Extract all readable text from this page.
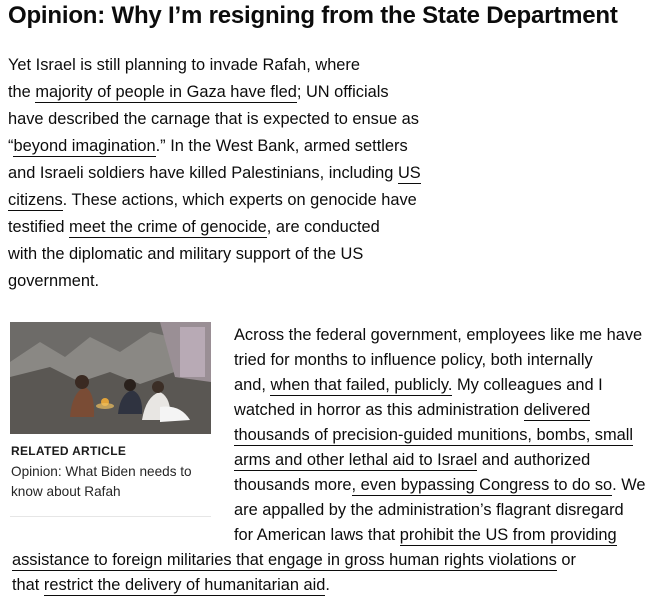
Opinion: Why I’m resigning from the State Department
Yet Israel is still planning to invade Rafah, where
the majority of people in Gaza have fled; UN officials
have described the carnage that is expected to ensue as
“beyond imagination.” In the West Bank, armed settlers
and Israeli soldiers have killed Palestinians, including US
citizens. These actions, which experts on genocide have
testified meet the crime of genocide, are conducted
with the diplomatic and military support of the US
government.
RELATED ARTICLE
Opinion: What Biden needs to know about Rafah
Across the federal government, employees like me have
tried for months to influence policy, both internally
and, when that failed, publicly. My colleagues and I
watched in horror as this administration delivered
thousands of precision-guided munitions, bombs, small
arms and other lethal aid to Israel and authorized
thousands more, even bypassing Congress to do so. We
are appalled by the administration’s flagrant disregard
for American laws that prohibit the US from providing
assistance to foreign militaries that engage in gross human rights violations or
that restrict the delivery of humanitarian aid.
